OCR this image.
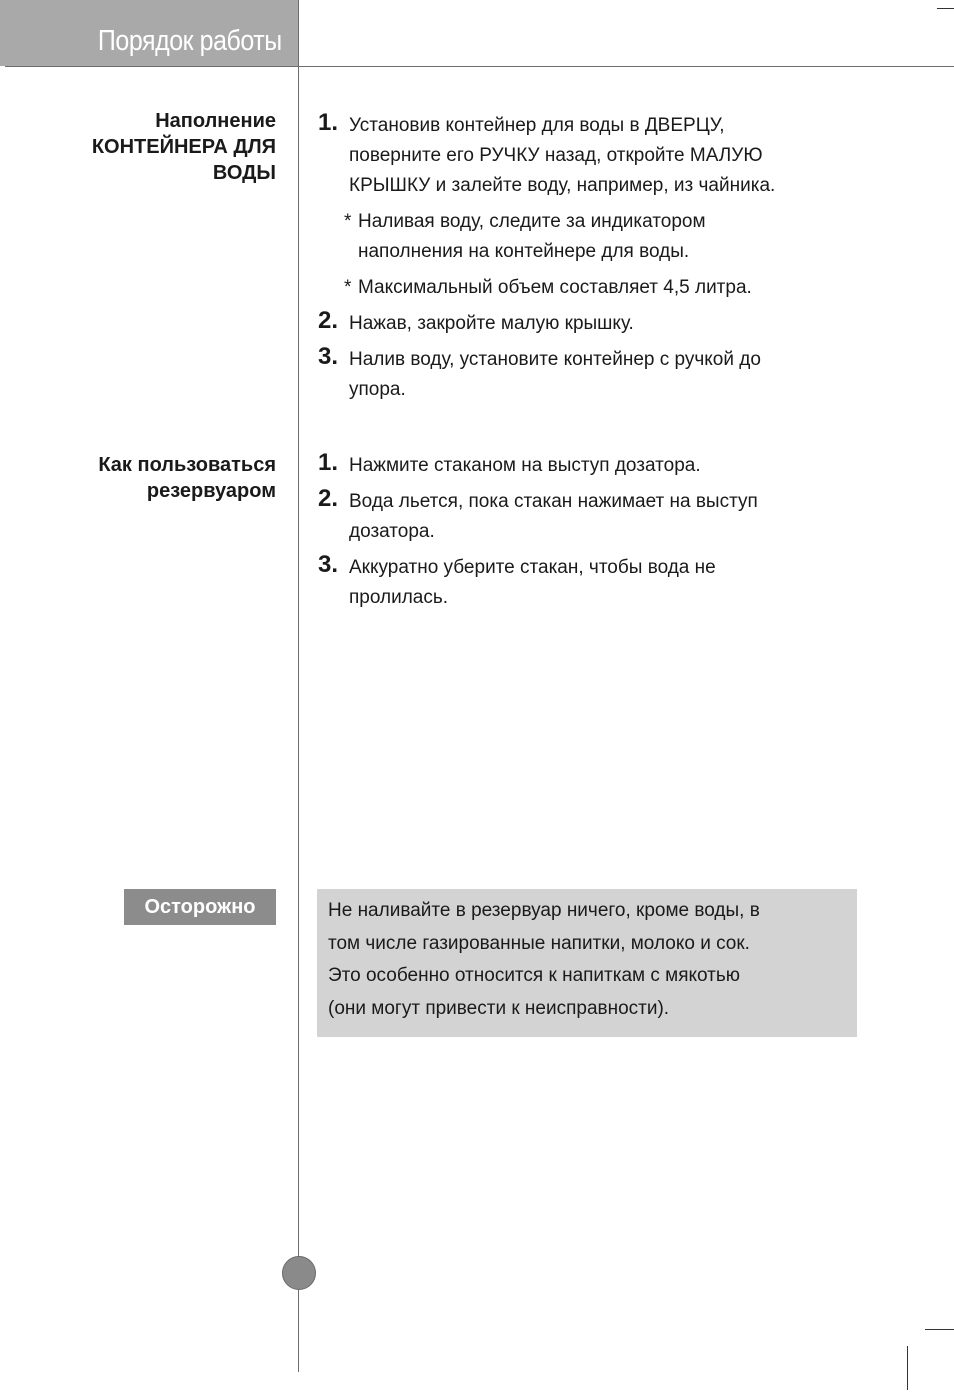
Порядок работы
Наполнение
КОНТЕЙНЕРА ДЛЯ
ВОДЫ
1. Установив контейнер для воды в ДВЕРЦУ,
поверните его РУЧКУ назад, откройте МАЛУЮ
КРЫШКУ и залейте воду, например, из чайника.
* Наливая воду, следите за индикатором
наполнения на контейнере для воды.
* Максимальный объем составляет 4,5 литра.
2. Нажав, закройте малую крышку.
3. Налив воду, установите контейнер с ручкой до
упора.
Как пользоваться
резервуаром
1. Нажмите стаканом на выступ дозатора.
2. Вода льется, пока стакан нажимает на выступ
дозатора.
3. Аккуратно уберите стакан, чтобы вода не
пролилась.
Осторожно	Не наливайте в резервуар ничего, кроме воды, в
том числе газированные напитки, молоко и сок.
Это особенно относится к напиткам с мякотью
(они могут привести к неисправности).
